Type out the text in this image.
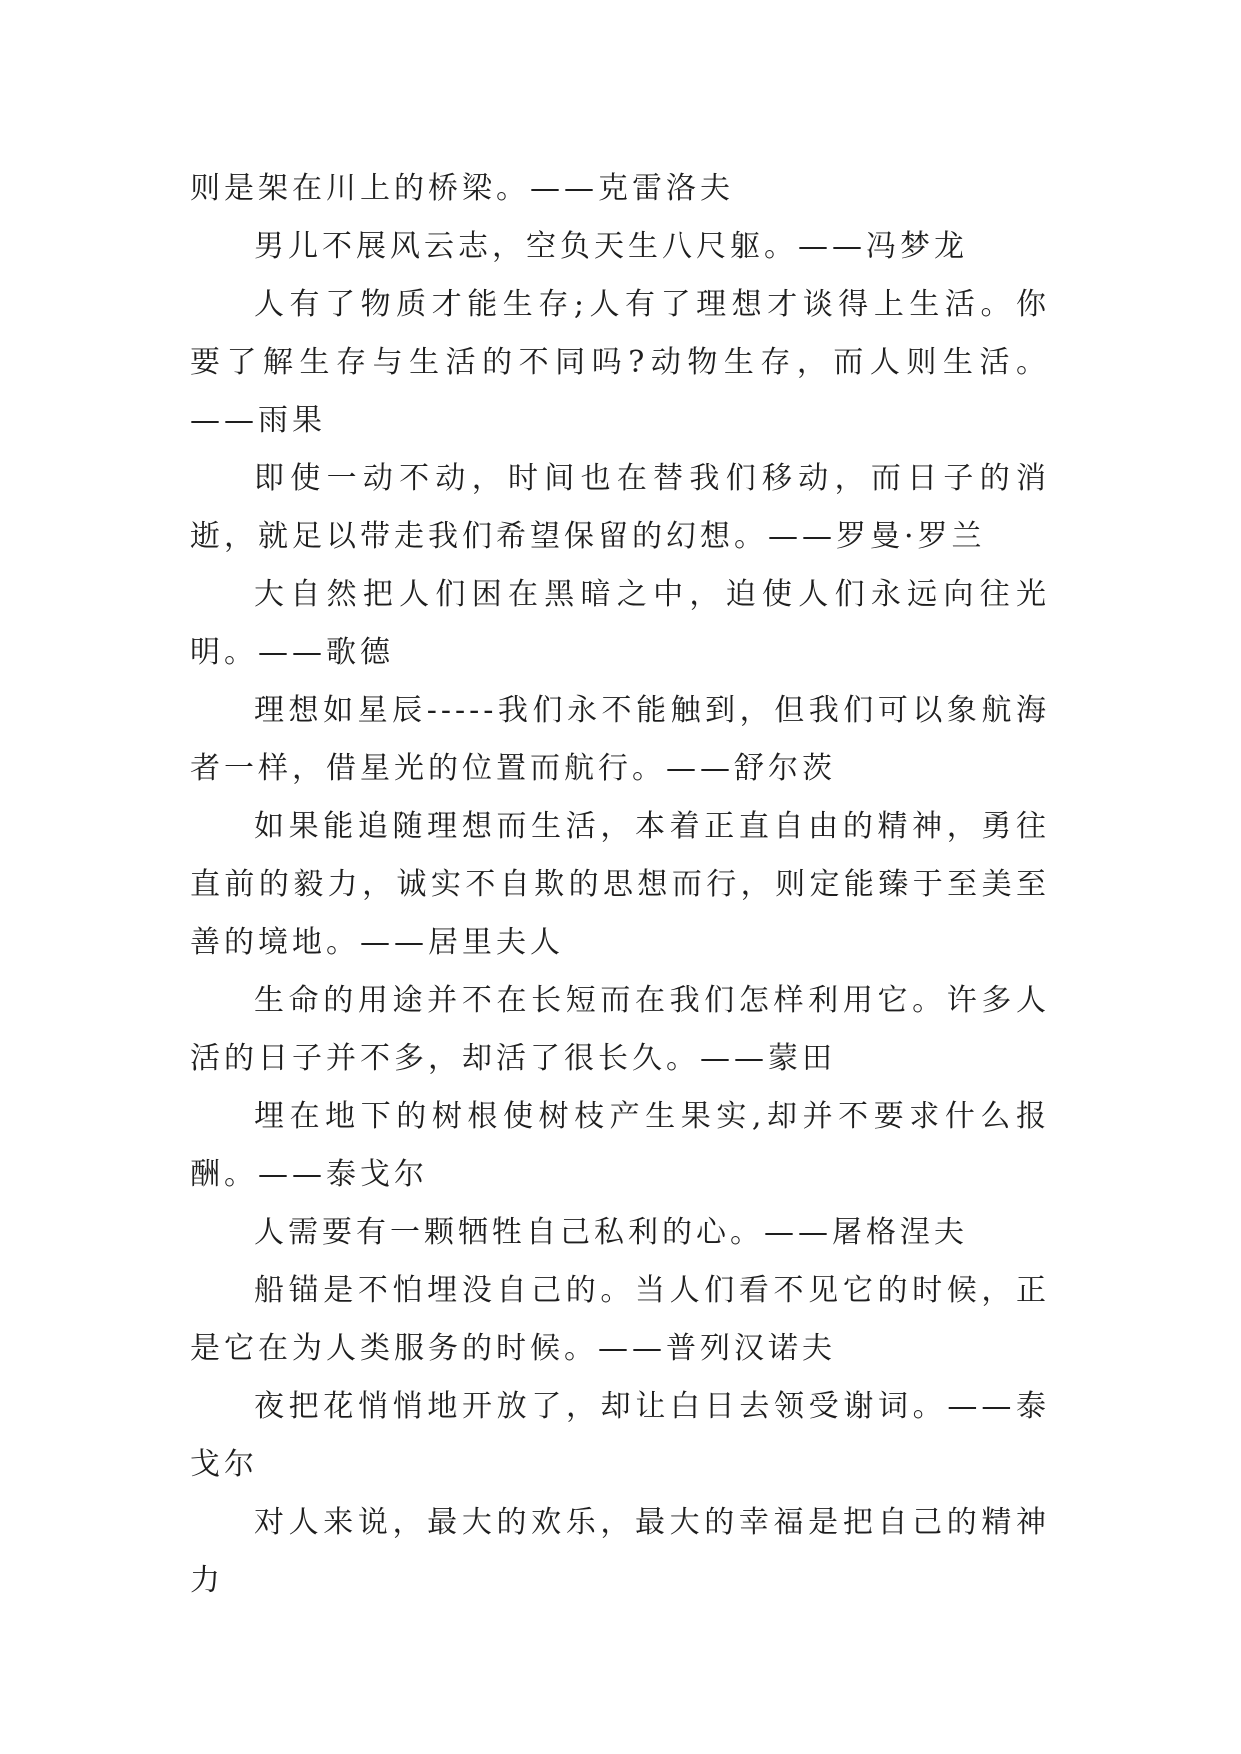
则是架在川上的桥梁。——克雷洛夫

男儿不展风云志，空负天生八尺躯。——冯梦龙

人有了物质才能生存;人有了理想才谈得上生活。你要了解生存与生活的不同吗?动物生存，而人则生活。——雨果

即使一动不动，时间也在替我们移动，而日子的消逝，就足以带走我们希望保留的幻想。——罗曼·罗兰

大自然把人们困在黑暗之中，迫使人们永远向往光明。——歌德

理想如星辰-----我们永不能触到，但我们可以象航海者一样，借星光的位置而航行。——舒尔茨

如果能追随理想而生活，本着正直自由的精神，勇往直前的毅力，诚实不自欺的思想而行，则定能臻于至美至善的境地。——居里夫人

生命的用途并不在长短而在我们怎样利用它。许多人活的日子并不多，却活了很长久。——蒙田

埋在地下的树根使树枝产生果实,却并不要求什么报酬。——泰戈尔

人需要有一颗牺牲自己私利的心。——屠格涅夫

船锚是不怕埋没自己的。当人们看不见它的时候，正是它在为人类服务的时候。——普列汉诺夫

夜把花悄悄地开放了，却让白日去领受谢词。——泰戈尔

对人来说，最大的欢乐，最大的幸福是把自己的精神力
